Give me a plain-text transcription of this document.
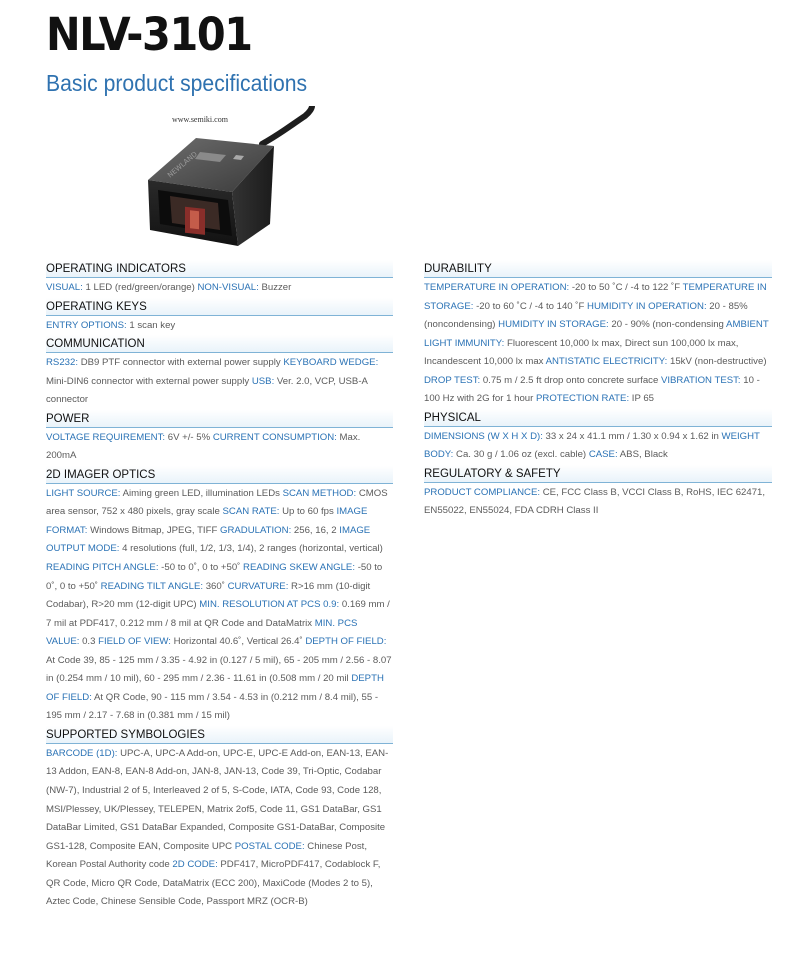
NLV-3101
Basic product specifications
www.semiki.com
NEWLAND
OPERATING INDICATORS
VISUAL : 1 LED (red/green/orange) NON-VISUAL : Buzzer
OPERATING KEYS
ENTRY OPTIONS : 1 scan key
COMMUNICATION
RS232 : DB9 PTF connector with external power supply KEYBOARD WEDGE : Mini-DIN6 connector with external power supply USB : Ver. 2.0, VCP, USB-A connector
POWER
VOLTAGE REQUIREMENT : 6V +/- 5% CURRENT CONSUMPTION : Max. 200mA
2D IMAGER OPTICS
LIGHT SOURCE : Aiming green LED, illumination LEDs SCAN METHOD : CMOS area sensor, 752 x 480 pixels, gray scale SCAN RATE : Up to 60 fps IMAGE FORMAT : Windows Bitmap, JPEG, TIFF GRADULATION : 256, 16, 2 IMAGE OUTPUT MODE : 4 resolutions (full, 1/2, 1/3, 1/4), 2 ranges (horizontal, vertical) READING PITCH ANGLE : -50 to 0˚, 0 to +50˚ READING SKEW ANGLE : -50 to 0˚, 0 to +50˚ READING TILT ANGLE : 360˚ CURVATURE : R>16 mm (10-digit Codabar), R>20 mm (12-digit UPC) MIN. RESOLUTION AT PCS 0.9 : 0.169 mm / 7 mil at PDF417, 0.212 mm / 8 mil at QR Code and DataMatrix MIN. PCS VALUE : 0.3 FIELD OF VIEW : Horizontal 40.6˚, Vertical 26.4˚ DEPTH OF FIELD : At Code 39, 85 - 125 mm / 3.35 - 4.92 in (0.127 / 5 mil), 65 - 205 mm / 2.56 - 8.07 in (0.254 mm / 10 mil), 60 - 295 mm / 2.36 - 11.61 in (0.508 mm / 20 mil DEPTH OF FIELD : At QR Code, 90 - 115 mm / 3.54 - 4.53 in (0.212 mm / 8.4 mil), 55 - 195 mm / 2.17 - 7.68 in (0.381 mm / 15 mil)
SUPPORTED SYMBOLOGIES
BARCODE (1D) : UPC-A, UPC-A Add-on, UPC-E, UPC-E Add-on, EAN-13, EAN-13 Addon, EAN-8, EAN-8 Add-on, JAN-8, JAN-13, Code 39, Tri-Optic, Codabar (NW-7), Industrial 2 of 5, Interleaved 2 of 5, S-Code, IATA, Code 93, Code 128, MSI/Plessey, UK/Plessey, TELEPEN, Matrix 2of5, Code 11, GS1 DataBar, GS1 DataBar Limited, GS1 DataBar Expanded, Composite GS1-DataBar, Composite GS1-128, Composite EAN, Composite UPC POSTAL CODE : Chinese Post, Korean Postal Authority code 2D CODE : PDF417, MicroPDF417, Codablock F, QR Code, Micro QR Code, DataMatrix (ECC 200), MaxiCode (Modes 2 to 5), Aztec Code, Chinese Sensible Code, Passport MRZ (OCR-B)
DURABILITY
TEMPERATURE IN OPERATION : -20 to 50 ˚C / -4 to 122 ˚F TEMPERATURE IN STORAGE : -20 to 60 ˚C / -4 to 140 ˚F HUMIDITY IN OPERATION : 20 - 85% (noncondensing) HUMIDITY IN STORAGE : 20 - 90% (non-condensing AMBIENT LIGHT IMMUNITY : Fluorescent 10,000 lx max, Direct sun 100,000 lx max, Incandescent 10,000 lx max ANTISTATIC ELECTRICITY : 15kV (non-destructive) DROP TEST : 0.75 m / 2.5 ft drop onto concrete surface VIBRATION TEST : 10 - 100 Hz with 2G for 1 hour PROTECTION RATE : IP 65
PHYSICAL
DIMENSIONS (W X H X D) : 33 x 24 x 41.1 mm / 1.30 x 0.94 x 1.62 in WEIGHT BODY : Ca. 30 g / 1.06 oz (excl. cable) CASE : ABS, Black
REGULATORY & SAFETY
PRODUCT COMPLIANCE : CE, FCC Class B, VCCI Class B, RoHS, IEC 62471, EN55022, EN55024, FDA CDRH Class II
